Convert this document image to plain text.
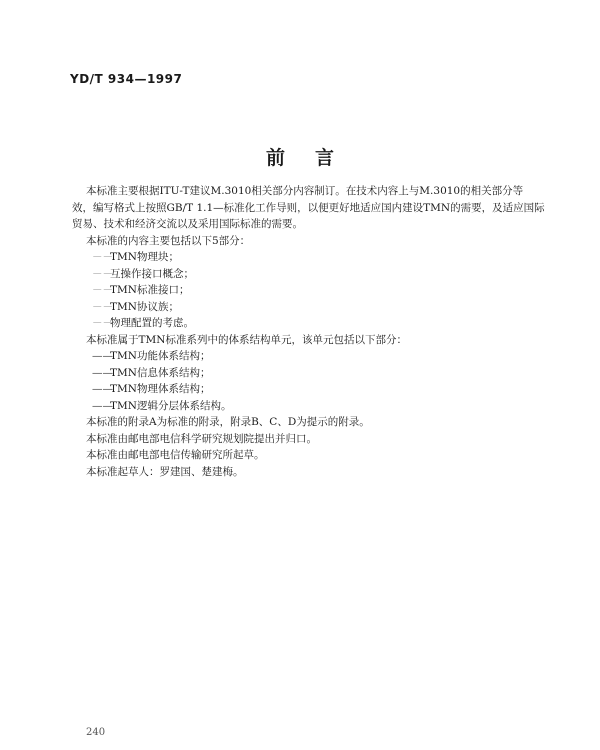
YD/T 934—1997
前言

本标准主要根据ITU-T建议M.3010相关部分内容制订。在技术内容上与M.3010的相关部分等

效，编写格式上按照GB/T 1.1—标准化工作导则，以便更好地适应国内建设TMN的需要，及适应国际

贸易、技术和经济交流以及采用国际标准的需要。

本标准的内容主要包括以下5部分：

－－TMN物理块；

－－互操作接口概念；

－－TMN标准接口；

－－TMN协议族；

－－物理配置的考虑。

本标准属于TMN标准系列中的体系结构单元，该单元包括以下部分：

——TMN功能体系结构；

——TMN信息体系结构；

——TMN物理体系结构；

——TMN逻辑分层体系结构。

本标准的附录A为标准的附录，附录B、C、D为提示的附录。

本标准由邮电部电信科学研究规划院提出并归口。

本标准由邮电部电信传输研究所起草。

本标准起草人：罗建国、楚建梅。

240
